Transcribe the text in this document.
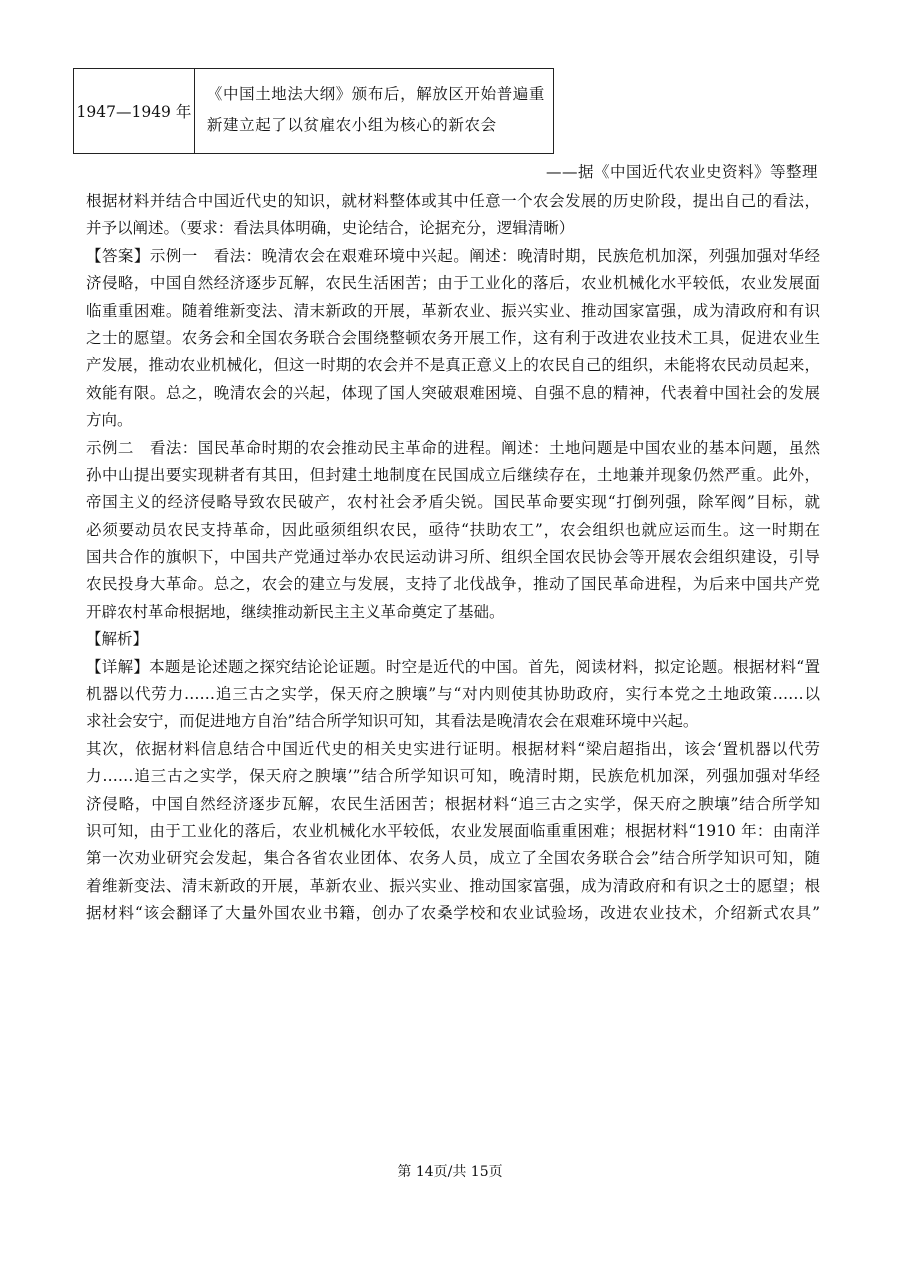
1947—1949 年
《中国土地法大纲》颁布后，解放区开始普遍重
新建立起了以贫雇农小组为核心的新农会
——据《中国近代农业史资料》等整理
根据材料并结合中国近代史的知识，就材料整体或其中任意一个农会发展的历史阶段，提出自己的看法，
并予以阐述。（要求：看法具体明确，史论结合，论据充分，逻辑清晰）
【答案】示例一　看法：晚清农会在艰难环境中兴起。阐述：晚清时期，民族危机加深，列强加强对华经
济侵略，中国自然经济逐步瓦解，农民生活困苦；由于工业化的落后，农业机械化水平较低，农业发展面
临重重困难。随着维新变法、清末新政的开展，革新农业、振兴实业、推动国家富强，成为清政府和有识
之士的愿望。农务会和全国农务联合会围绕整顿农务开展工作，这有利于改进农业技术工具，促进农业生
产发展，推动农业机械化，但这一时期的农会并不是真正意义上的农民自己的组织，未能将农民动员起来，
效能有限。总之，晚清农会的兴起，体现了国人突破艰难困境、自强不息的精神，代表着中国社会的发展
方向。
示例二　看法：国民革命时期的农会推动民主革命的进程。阐述：土地问题是中国农业的基本问题，虽然
孙中山提出要实现耕者有其田，但封建土地制度在民国成立后继续存在，土地兼并现象仍然严重。此外，
帝国主义的经济侵略导致农民破产，农村社会矛盾尖锐。国民革命要实现“打倒列强，除军阀”目标，就
必须要动员农民支持革命，因此亟须组织农民，亟待“扶助农工”，农会组织也就应运而生。这一时期在
国共合作的旗帜下，中国共产党通过举办农民运动讲习所、组织全国农民协会等开展农会组织建设，引导
农民投身大革命。总之，农会的建立与发展，支持了北伐战争，推动了国民革命进程，为后来中国共产党
开辟农村革命根据地，继续推动新民主主义革命奠定了基础。
【解析】
【详解】本题是论述题之探究结论论证题。时空是近代的中国。首先，阅读材料，拟定论题。根据材料“置
机器以代劳力……追三古之实学，保天府之腴壤”与“对内则使其协助政府，实行本党之土地政策……以
求社会安宁，而促进地方自治”结合所学知识可知，其看法是晚清农会在艰难环境中兴起。
其次，依据材料信息结合中国近代史的相关史实进行证明。根据材料“梁启超指出，该会‘置机器以代劳
力……追三古之实学，保天府之腴壤’”结合所学知识可知，晚清时期，民族危机加深，列强加强对华经
济侵略，中国自然经济逐步瓦解，农民生活困苦；根据材料“追三古之实学，保天府之腴壤”结合所学知
识可知，由于工业化的落后，农业机械化水平较低，农业发展面临重重困难；根据材料“1910 年：由南洋
第一次劝业研究会发起，集合各省农业团体、农务人员，成立了全国农务联合会”结合所学知识可知，随
着维新变法、清末新政的开展，革新农业、振兴实业、推动国家富强，成为清政府和有识之士的愿望；根
据材料“该会翻译了大量外国农业书籍，创办了农桑学校和农业试验场，改进农业技术，介绍新式农具”
第 14页/共 15页
